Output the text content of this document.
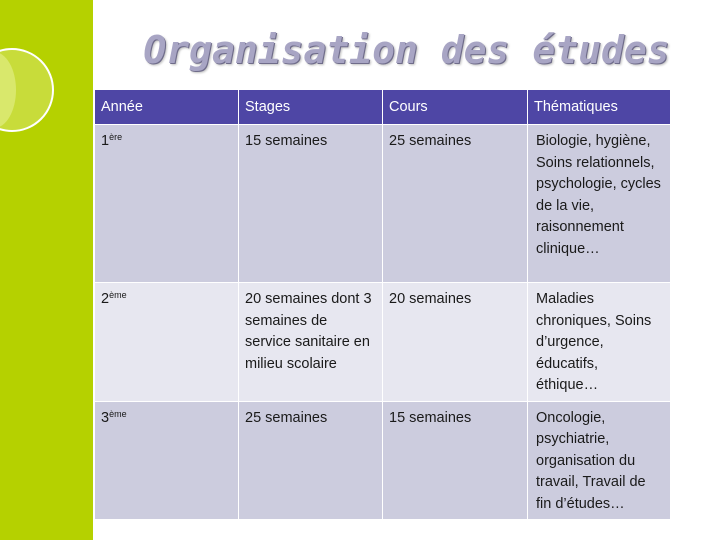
Organisation des études
Année	Stages	Cours	Thématiques
1ère	15 semaines	25 semaines	Biologie, hygiène, Soins relationnels, psychologie, cycles de la vie, raisonnement clinique…
2ème	20 semaines dont 3 semaines de service sanitaire en milieu scolaire	20 semaines	Maladies chroniques, Soins d’urgence, éducatifs, éthique…
3ème	25 semaines	15 semaines	Oncologie, psychiatrie, organisation du travail, Travail de fin d’études…
